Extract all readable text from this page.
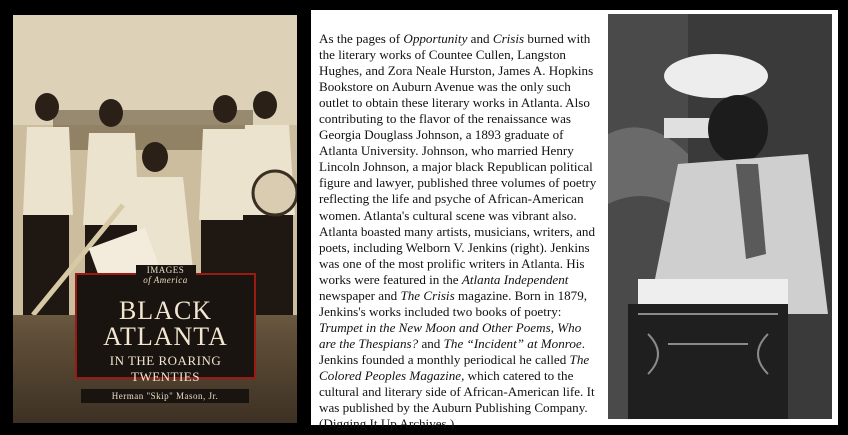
IMAGES
of America
BLACK
ATLANTA
IN THE ROARING TWENTIES
Herman "Skip" Mason, Jr.
As the pages of Opportunity and Crisis burned with the literary works of Countee Cullen, Langston Hughes, and Zora Neale Hurston, James A. Hopkins Bookstore on Auburn Avenue was the only such outlet to obtain these literary works in Atlanta. Also contributing to the flavor of the renaissance was Georgia Douglass Johnson, a 1893 graduate of Atlanta University. Johnson, who married Henry Lincoln Johnson, a major black Republican political figure and lawyer, published three volumes of poetry reflecting the life and psyche of African-American women. Atlanta's cultural scene was vibrant also. Atlanta boasted many artists, musicians, writers, and poets, including Welborn V. Jenkins (right). Jenkins was one of the most prolific writers in Atlanta. His works were featured in the Atlanta Independent newspaper and The Crisis magazine. Born in 1879, Jenkins's works included two books of poetry: Trumpet in the New Moon and Other Poems, Who are the Thespians? and The “Incident” at Monroe. Jenkins founded a monthly periodical he called The Colored Peoples Magazine, which catered to the cultural and literary side of African-American life. It was published by the Auburn Publishing Company.(Digging It Up Archives.)
